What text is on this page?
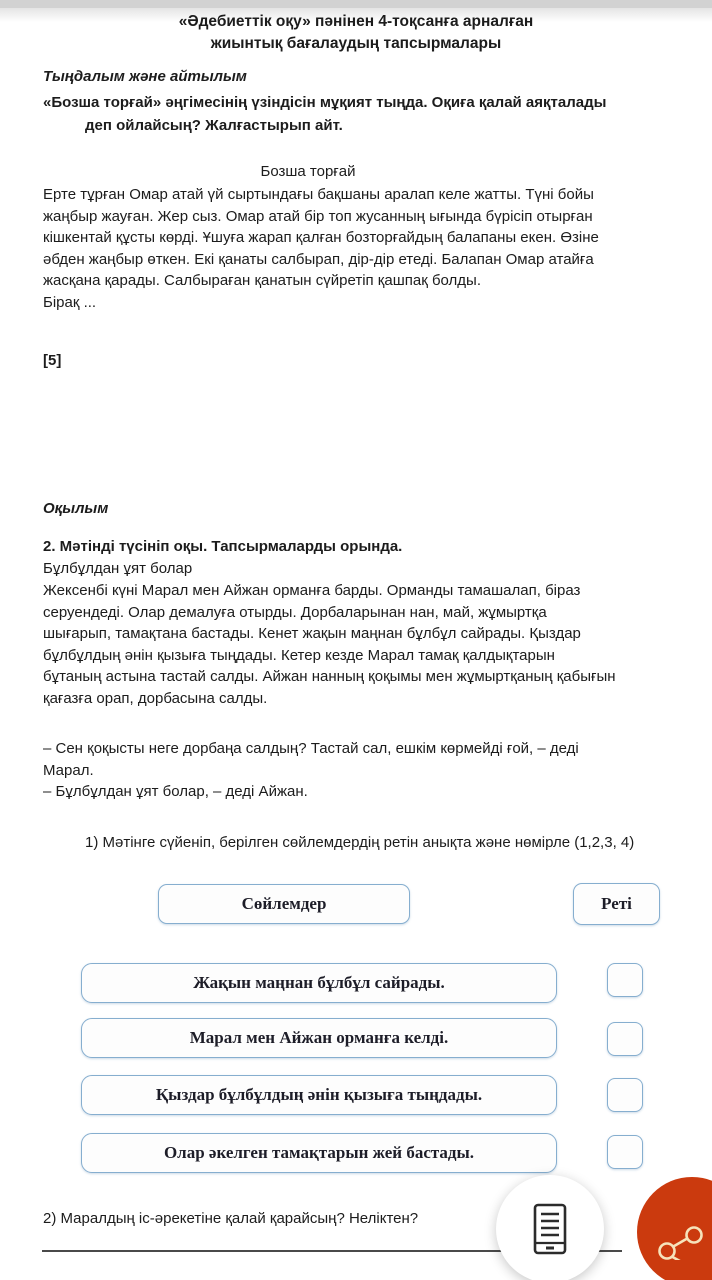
«Әдебиеттік оқу» пәнінен 4-тоқсанға арналған
жиынтық бағалаудың тапсырмалары
Тыңдалым және айтылым
«Бозша торғай» әңгімесінің үзіндісін мұқият тыңда. Оқиға қалай аяқталады
деп ойлайсың? Жалғастырып айт.
Бозша торғай
Ерте тұрған Омар атай үй сыртындағы бақшаны аралап келе жатты. Түні бойы
жаңбыр жауған. Жер сыз. Омар атай бір топ жусанның ығында бүрісіп отырған
кішкентай құсты көрді. Ұшуға жарап қалған бозторғайдың балапаны екен. Өзіне
әбден жаңбыр өткен. Екі қанаты салбырап, дір-дір етеді. Балапан Омар атайға
жасқана қарады. Салбыраған қанатын сүйретіп қашпақ болды.
Бірақ ...
[5]
Оқылым
2. Мәтінді түсініп оқы. Тапсырмаларды орында.
Бұлбұлдан ұят болар
Жексенбі күні Марал мен Айжан орманға барды. Орманды тамашалап, біраз
серуендеді. Олар демалуға отырды. Дорбаларынан нан, май, жұмыртқа
шығарып, тамақтана бастады. Кенет жақын маңнан бұлбұл сайрады. Қыздар
бұлбұлдың әнін қызыға тыңдады. Кетер кезде Марал тамақ қалдықтарын
бұтаның астына тастай салды. Айжан нанның қоқымы мен жұмыртқаның қабығын
қағазға орап, дорбасына салды.
– Сен қоқысты неге дорбаңа салдың? Тастай сал, ешкім көрмейді ғой, – деді
Марал.
– Бұлбұлдан ұят болар, – деді Айжан.
1) Мәтінге сүйеніп, берілген сөйлемдердің ретін анықта және нөмірле (1,2,3, 4)
Сөйлемдер	Реті
Жақын маңнан бұлбұл сайрады.
Марал мен Айжан орманға келді.
Қыздар бұлбұлдың әнін қызыға тыңдады.
Олар әкелген тамақтарын жей бастады.
2) Маралдың іс-әрекетіне қалай қарайсың? Неліктен?
